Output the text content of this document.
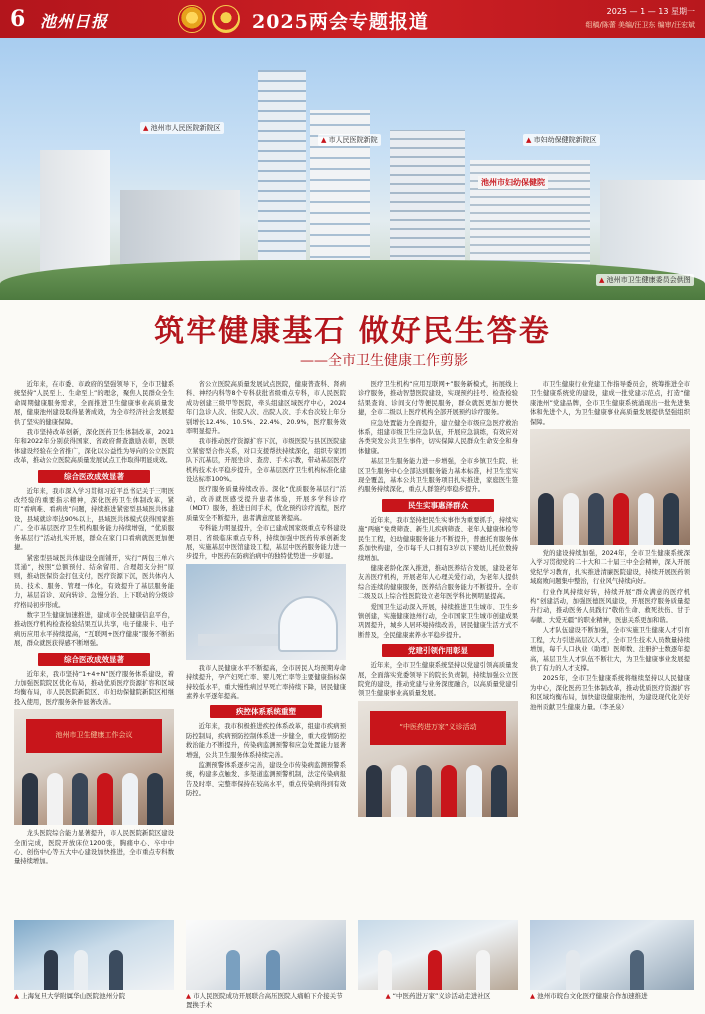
6 池州日报	2025两会专题报道	2025 — 1 — 13 星期一
组稿/陈蕾 美编/汪卫东 编审/汪宏斌
池州市妇幼保健院
▲ 池州市人民医院新院区
▲ 市人民医院新院	▲ 市妇幼保健院新院区
▲ 池州市卫生健康委员会供图
筑牢健康基石 做好民生答卷
——全市卫生健康工作剪影

近年来，在市委、市政府的坚强领导下，全市卫健系统坚持“人民至上、生命至上”的理念，聚焦人民群众全生命周期健康服务需求，全面推进卫生健康事业高质量发展，健康池州建设取得显著成效，为全市经济社会发展提供了坚实的健康保障。

我市坚持改革创新，深化医药卫生体制改革，2021年和2022年分别获得国家、省政府督查激励表彰，医联体建设经验在全省推广，深化以公益性为导向的公立医院改革，推动公立医院高质量发展试点工作取得明显成效。

综合医改成效显著

近年来，我市深入学习贯彻习近平总书记关于三明医改经验的重要指示精神，深化医药卫生体制改革，紧盯“看病难、看病贵”问题，持续推进紧密型县域医共体建设，县域就诊率达90%以上，县域医共体模式获得国家推广。全市基层医疗卫生机构服务能力持续增强，“优质服务基层行”活动扎实开展，群众在家门口看病就医更加便捷。

紧密型县域医共体建设全面铺开，实行“两包三单六贯通”，按照“总额预付、结余留用、合理超支分担”原则，推动医保资金打包支付，医疗资源下沉，医共体内人员、技术、服务、管理一体化，有效提升了基层服务能力，基层首诊、双向转诊、急慢分治、上下联动的分级诊疗格局初步形成。

数字卫生健康加速推进，建成市全民健康信息平台，推动医疗机构检查检验结果互认共享，电子健康卡、电子病历应用水平持续提高，“互联网+医疗健康”服务不断拓展，群众就医获得感不断增强。

综合医改成效显著

近年来，我市坚持“1+4+N”医疗服务体系建设，着力加强医院院区优化布局，推动优质医疗资源扩容和区域均衡布局，市人民医院新院区、市妇幼保健院新院区相继投入使用，医疗服务条件显著改善。

池州市卫生健康工作会议

龙头医院综合能力显著提升，市人民医院新院区建设全面完成，医院开放床位1200张，胸痛中心、卒中中心、创伤中心等五大中心建设加快推进，全市重点专科数量持续增加。

省公立医院高质量发展试点医院，健康普查科、肾病科、神经内科等8个专科获批省级重点专科，市人民医院成功创建三级甲等医院，牵头组建区域医疗中心，2024年门急诊人次、住院人次、出院人次、手术台次较上年分别增长12.4%、10.5%、22.4%、20.9%，医疗服务效率明显提升。

我市推动医疗资源扩容下沉，市级医院与县区医院建立紧密型合作关系，对口支援帮扶持续深化，组织专家团队下沉基层，开展坐诊、查房、手术示教，带动基层医疗机构技术水平稳步提升，全市基层医疗卫生机构标准化建设达标率100%。

医疗服务质量持续改善。深化“优质服务基层行”活动，改善就医感受提升患者体验，开展多学科诊疗（MDT）服务，推进日间手术，优化预约诊疗流程，医疗质量安全不断提升，患者满意度显著提高。

专科能力明显提升，全市已建成国家级重点专科建设项目、省级临床重点专科，持续加强中医药传承创新发展，实施基层中医馆建设工程，基层中医药服务能力进一步提升，中医药在防病治病中的独特优势进一步彰显。

我市人民健康水平不断提高，全市居民人均预期寿命持续提升，孕产妇死亡率、婴儿死亡率等主要健康指标保持较低水平，重大慢性病过早死亡率持续下降，居民健康素养水平逐年提高。

疾控体系系统重塑

近年来，我市积极推进疾控体系改革，组建市疾病预防控制局，疾病预防控制体系进一步健全，重大疫情防控救治能力不断提升，传染病监测预警和应急处置能力显著增强，公共卫生服务体系持续完善。

监测预警体系逐步完善，建设全市传染病监测预警系统，构建多点触发、多渠道监测预警机制，法定传染病报告及时率、完整率保持在较高水平，重点传染病得到有效防控。

医疗卫生机构“应用互联网+”服务新模式，拓展线上诊疗服务，推动智慧医院建设，实现预约挂号、检查检验结果查询、诊间支付等便民服务，群众就医更加方便快捷，全市二级以上医疗机构全部开展预约诊疗服务。

应急处置能力全面提升，建立健全市级应急医疗救治体系，组建市级卫生应急队伍，开展应急演练，有效应对各类突发公共卫生事件，切实保障人民群众生命安全和身体健康。

基层卫生服务能力进一步增强，全市乡镇卫生院、社区卫生服务中心全部达到服务能力基本标准，村卫生室实现全覆盖，基本公共卫生服务项目扎实推进，家庭医生签约服务持续深化，重点人群签约率稳步提升。

民生实事惠泽群众

近年来，我市坚持把民生实事作为重要抓手，持续实施“两癌”免费筛查、新生儿疾病筛查、老年人健康体检等民生工程，妇幼健康服务能力不断提升，普惠托育服务体系加快构建，全市每千人口拥有3岁以下婴幼儿托位数持续增加。

健康老龄化深入推进，推动医养结合发展，建设老年友善医疗机构，开展老年人心理关爱行动，为老年人提供综合连续的健康服务，医养结合服务能力不断提升。全市二级及以上综合性医院设立老年医学科比例明显提高。

爱国卫生运动深入开展，持续推进卫生城市、卫生乡镇创建，实施健康池州行动，全市国家卫生城市创建成果巩固提升，城乡人居环境持续改善，居民健康生活方式不断普及，全民健康素养水平稳步提升。

党建引领作用彰显

近年来，全市卫生健康系统坚持以党建引领高质量发展，全面落实党委领导下的院长负责制，持续加强公立医院党的建设，推动党建与业务深度融合，以高质量党建引领卫生健康事业高质量发展。

“中医药进万家”义诊活动

市卫生健康行业党建工作指导委员会，统筹推进全市卫生健康系统党的建设，建成一批党建示范点，打造“健康池州”党建品牌，全市卫生健康系统涌现出一批先进集体和先进个人，为卫生健康事业高质量发展提供坚强组织保障。

党的建设持续加强，2024年，全市卫生健康系统深入学习贯彻党的二十大和二十届三中全会精神，深入开展党纪学习教育，扎实推进清廉医院建设，持续开展医药领域腐败问题集中整治，行业风气持续向好。

行业作风持续好转，持续开展“群众满意的医疗机构”创建活动，加强医德医风建设，开展医疗服务质量提升行动，推动医务人员践行“敬佑生命、救死扶伤、甘于奉献、大爱无疆”的职业精神，医患关系更加和谐。

人才队伍建设不断加强，全市实施卫生健康人才引育工程，大力引进高层次人才，全市卫生技术人员数量持续增加，每千人口执业（助理）医师数、注册护士数逐年提高，基层卫生人才队伍不断壮大，为卫生健康事业发展提供了有力的人才支撑。

2025年，全市卫生健康系统将继续坚持以人民健康为中心，深化医药卫生体制改革，推动优质医疗资源扩容和区域均衡布局，加快建设健康池州，为建设现代化美好池州贡献卫生健康力量。（李圣泉）

▲ 上海复旦大学附属华山医院池州分院	▲ 市人民医院成功开展联合高压医院人痛帕下介接关节置换手术
▲ “中医药进万家”义诊活动走进社区	▲ 池州市皖台文化医疗健康合作加速推进
